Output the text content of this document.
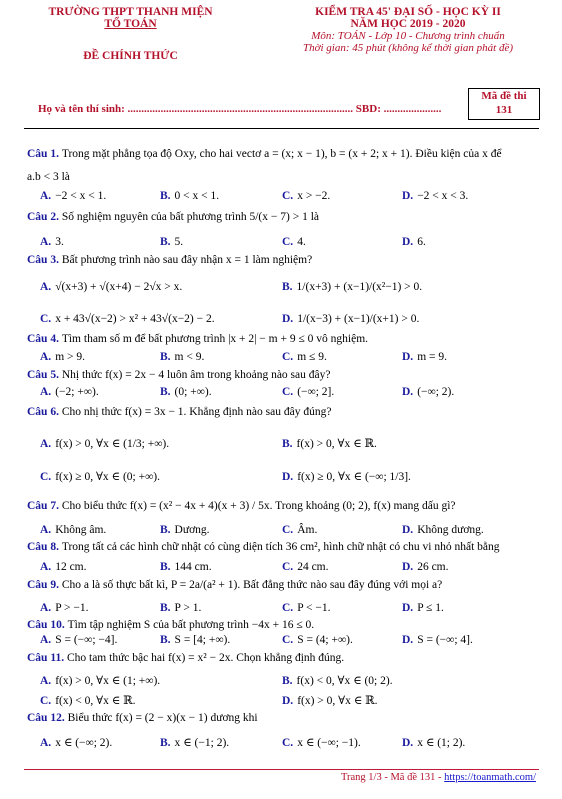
TRƯỜNG THPT THANH MIỆN
TỔ TOÁN
ĐỀ CHÍNH THỨC
KIỂM TRA 45' ĐẠI SỐ - HỌC KỲ II
NĂM HỌC 2019 - 2020
Môn: TOÁN - Lớp 10 - Chương trình chuẩn
Thời gian: 45 phút (không kể thời gian phát đề)
Họ và tên thí sinh: .................................................................................. SBD: .....................
Mã đề thi
131
Câu 1. Trong mặt phẳng tọa độ Oxy, cho hai vectơ a = (x; x − 1), b = (x + 2; x + 1). Điều kiện của x để
a.b < 3 là
A. −2 < x < 1.	B. 0 < x < 1.	C. x > −2.	D. −2 < x < 3.
Câu 2. Số nghiệm nguyên của bất phương trình 5/(x − 7) > 1 là
A. 3.	B. 5.	C. 4.	D. 6.
Câu 3. Bất phương trình nào sau đây nhận x = 1 làm nghiệm?
A. √(x+3) + √(x+4) − 2√x > x.	B. 1/(x+3) + (x−1)/(x²−1) > 0.
C. x + 43√(x−2) > x² + 43√(x−2) − 2.	D. 1/(x−3) + (x−1)/(x+1) > 0.
Câu 4. Tìm tham số m để bất phương trình |x + 2| − m + 9 ≤ 0 vô nghiệm.
A. m > 9.	B. m < 9.	C. m ≤ 9.	D. m = 9.
Câu 5. Nhị thức f(x) = 2x − 4 luôn âm trong khoảng nào sau đây?
A. (−2; +∞).	B. (0; +∞).	C. (−∞; 2].	D. (−∞; 2).
Câu 6. Cho nhị thức f(x) = 3x − 1. Khẳng định nào sau đây đúng?
A. f(x) > 0, ∀x ∈ (1/3; +∞).	B. f(x) > 0, ∀x ∈ ℝ.
C. f(x) ≥ 0, ∀x ∈ (0; +∞).	D. f(x) ≥ 0, ∀x ∈ (−∞; 1/3].
Câu 7. Cho biểu thức f(x) = (x² − 4x + 4)(x + 3) / 5x. Trong khoảng (0; 2), f(x) mang dấu gì?
A. Không âm.	B. Dương.	C. Âm.	D. Không dương.
Câu 8. Trong tất cả các hình chữ nhật có cùng diện tích 36 cm², hình chữ nhật có chu vi nhỏ nhất bằng
A. 12 cm.	B. 144 cm.	C. 24 cm.	D. 26 cm.
Câu 9. Cho a là số thực bất kì, P = 2a/(a² + 1). Bất đẳng thức nào sau đây đúng với mọi a?
A. P > −1.	B. P > 1.	C. P < −1.	D. P ≤ 1.
Câu 10. Tìm tập nghiệm S của bất phương trình −4x + 16 ≤ 0.
A. S = (−∞; −4].	B. S = [4; +∞).	C. S = (4; +∞).	D. S = (−∞; 4].
Câu 11. Cho tam thức bậc hai f(x) = x² − 2x. Chọn khẳng định đúng.
A. f(x) > 0, ∀x ∈ (1; +∞).	B. f(x) < 0, ∀x ∈ (0; 2).
C. f(x) < 0, ∀x ∈ ℝ.	D. f(x) > 0, ∀x ∈ ℝ.
Câu 12. Biểu thức f(x) = (2 − x)(x − 1) dương khi
A. x ∈ (−∞; 2).	B. x ∈ (−1; 2).	C. x ∈ (−∞; −1).	D. x ∈ (1; 2).
Trang 1/3 - Mã đề 131 - https://toanmath.com/
